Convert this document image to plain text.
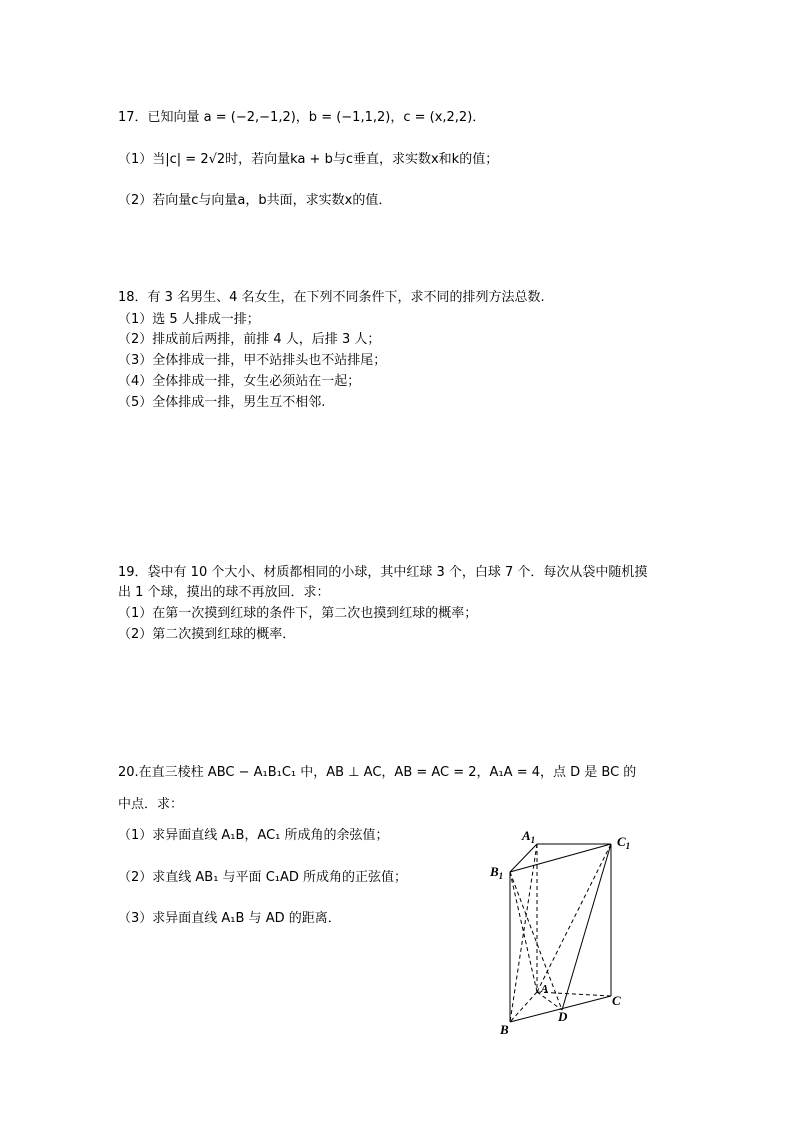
17．已知向量 a = (−2,−1,2)，b = (−1,1,2)，c = (x,2,2)．
（1）当|c| = 2√2时，若向量ka + b与c垂直，求实数x和k的值；
（2）若向量c与向量a，b共面，求实数x的值．
18．有 3 名男生、4 名女生，在下列不同条件下，求不同的排列方法总数.
（1）选 5 人排成一排；
（2）排成前后两排，前排 4 人，后排 3 人；
（3）全体排成一排，甲不站排头也不站排尾；
（4）全体排成一排，女生必须站在一起；
（5）全体排成一排，男生互不相邻.
19．袋中有 10 个大小、材质都相同的小球，其中红球 3 个，白球 7 个．每次从袋中随机摸
出 1 个球，摸出的球不再放回．求：
（1）在第一次摸到红球的条件下，第二次也摸到红球的概率；
（2）第二次摸到红球的概率．
20.在直三棱柱 ABC − A₁B₁C₁ 中，AB ⊥ AC，AB = AC = 2，A₁A = 4，点 D 是 BC 的
中点．求：
（1）求异面直线 A₁B，AC₁ 所成角的余弦值；
（2）求直线 AB₁ 与平面 C₁AD 所成角的正弦值；
（3）求异面直线 A₁B 与 AD 的距离．
$A_1$	$C_1$
$B_1$
A
B
C
D
